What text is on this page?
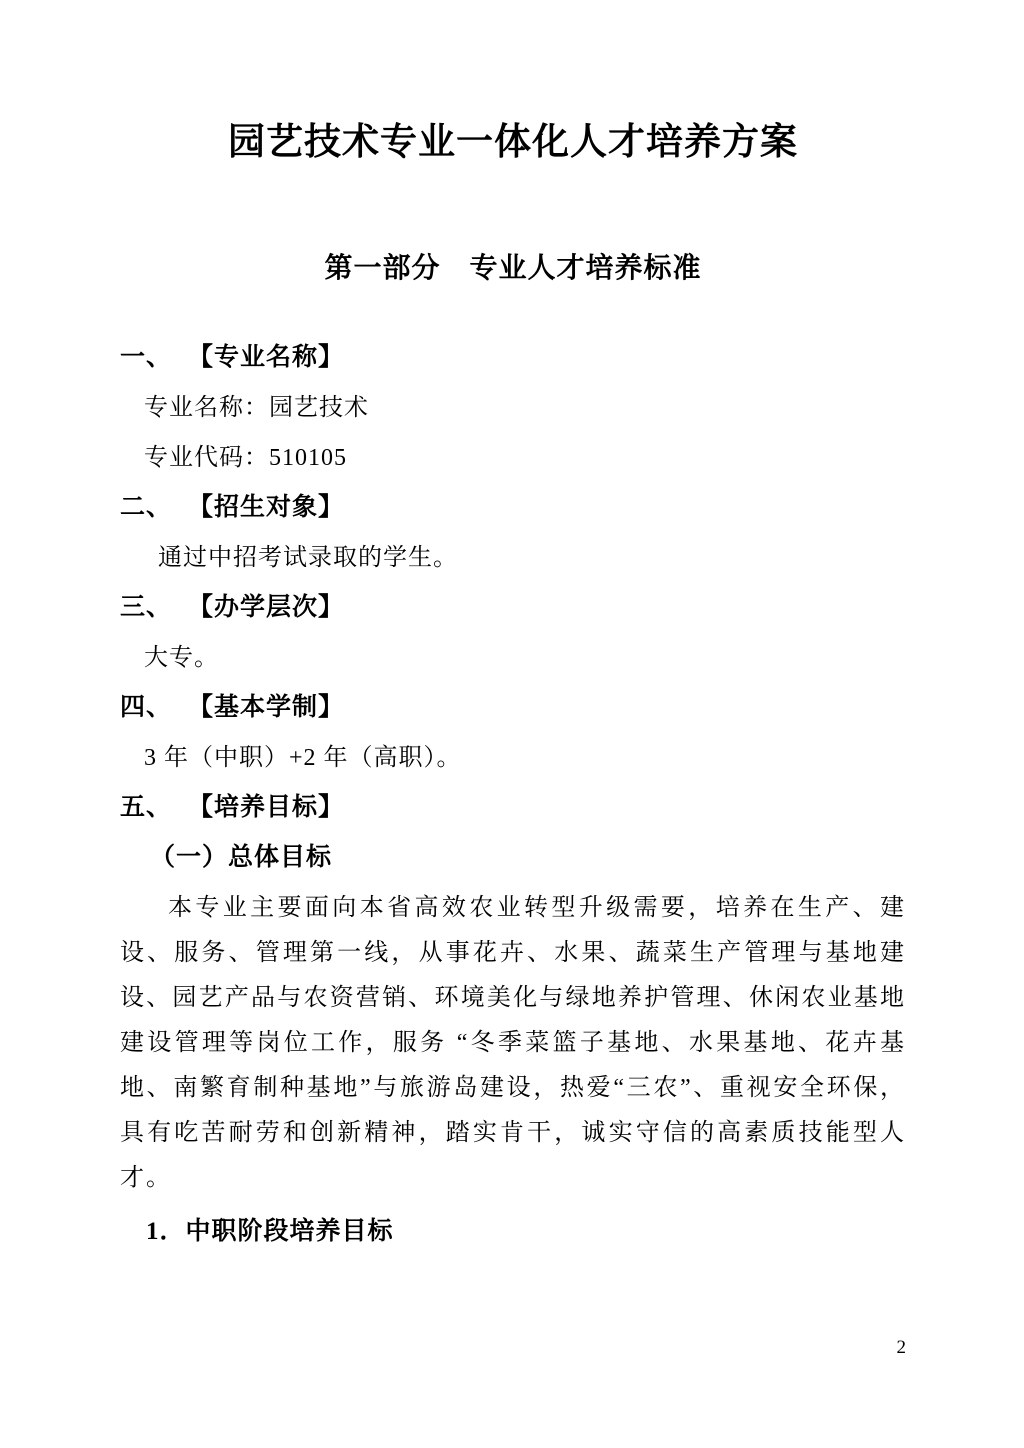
园艺技术专业一体化人才培养方案
第一部分　专业人才培养标准
一、 【专业名称】
专业名称：园艺技术
专业代码：510105
二、 【招生对象】
通过中招考试录取的学生。
三、 【办学层次】
大专。
四、 【基本学制】
3 年（中职）+2 年（高职）。
五、 【培养目标】
（一）总体目标

本专业主要面向本省高效农业转型升级需要，培养在生产、建设、服务、管理第一线，从事花卉、水果、蔬菜生产管理与基地建设、园艺产品与农资营销、环境美化与绿地养护管理、休闲农业基地建设管理等岗位工作，服务 “冬季菜篮子基地、水果基地、花卉基地、南繁育制种基地”与旅游岛建设，热爱“三农”、重视安全环保，具有吃苦耐劳和创新精神，踏实肯干，诚实守信的高素质技能型人才。

1．中职阶段培养目标
2
